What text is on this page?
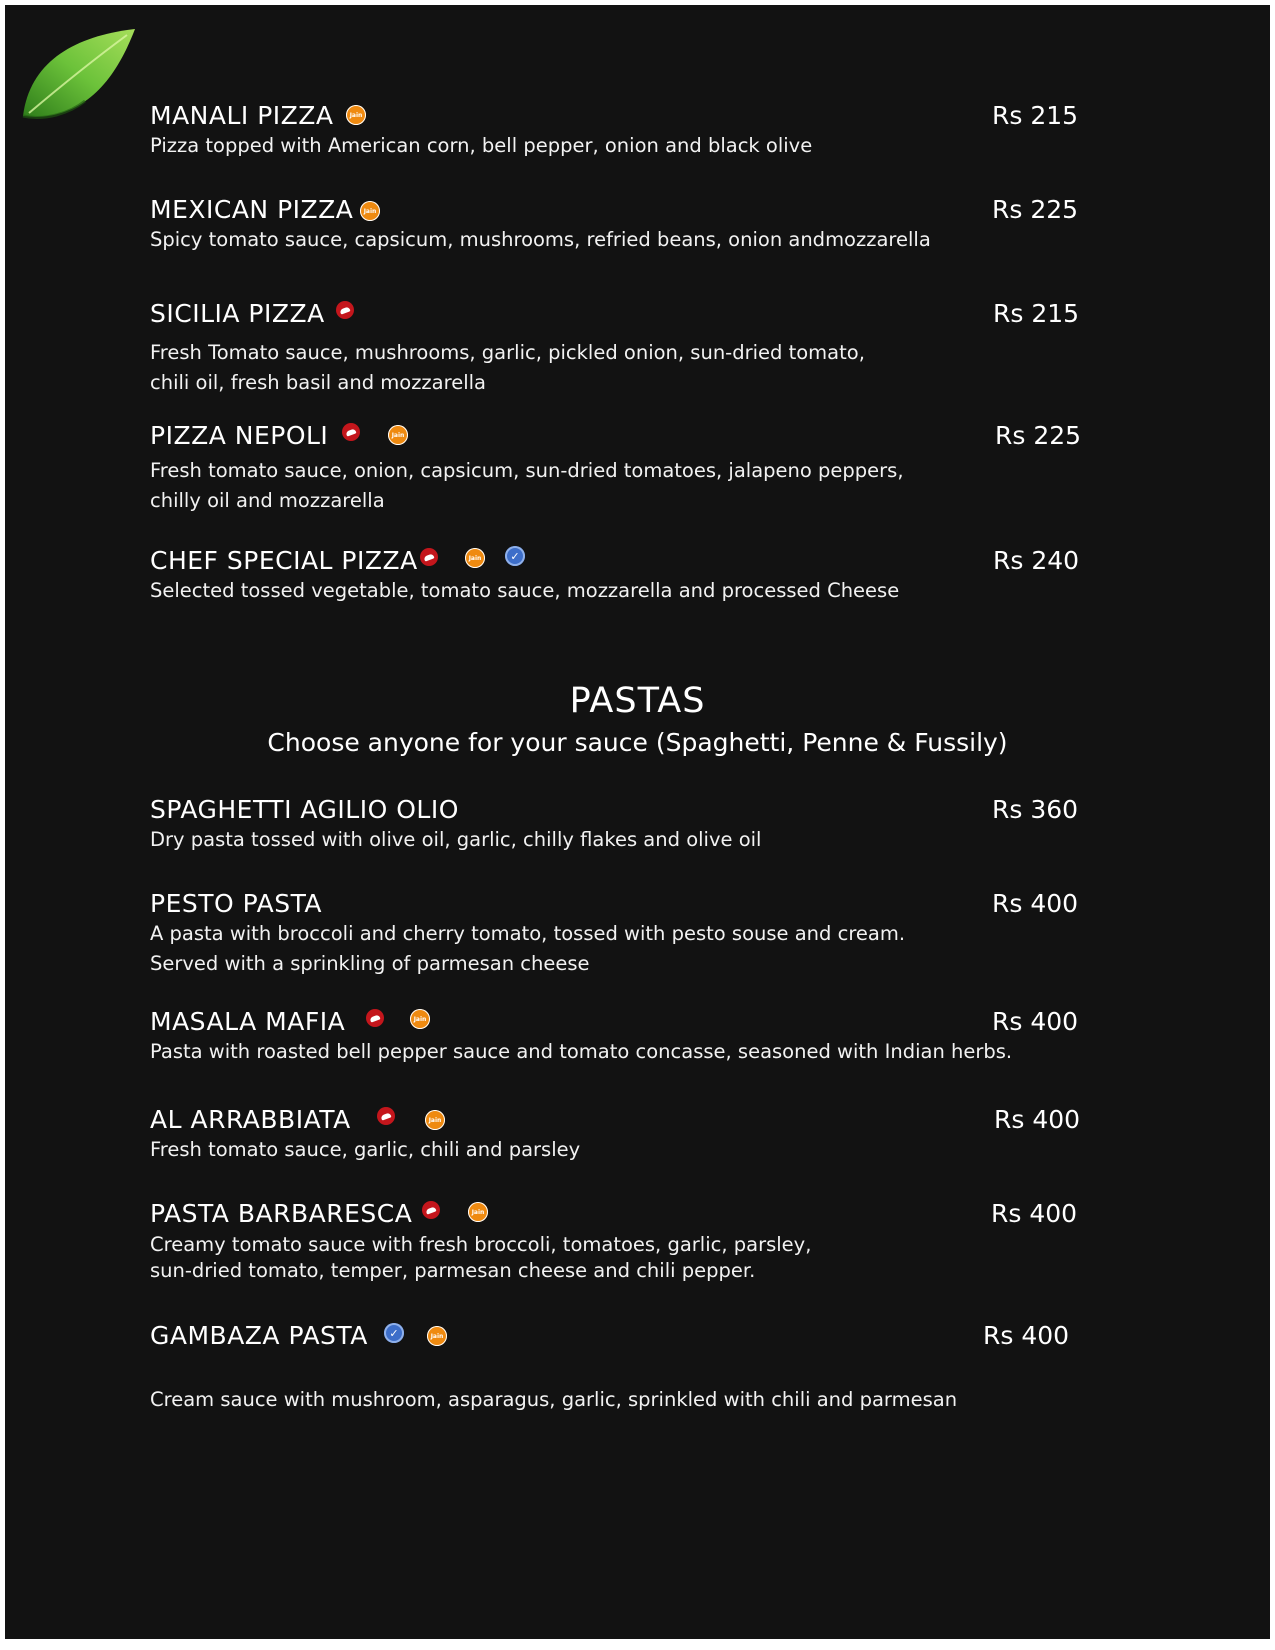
MANALI PIZZA	Jain	Rs 215
Pizza topped with American corn, bell pepper, onion and black olive
MEXICAN PIZZA Jain	Rs 225
Spicy tomato sauce, capsicum, mushrooms, refried beans, onion andmozzarella
SICILIA PIZZA	Rs 215
Fresh Tomato sauce, mushrooms, garlic, pickled onion, sun-dried tomato,
chili oil, fresh basil and mozzarella
PIZZA NEPOLI	Jain	Rs 225
Fresh tomato sauce, onion, capsicum, sun-dried tomatoes, jalapeno peppers,
chilly oil and mozzarella
CHEF SPECIAL PIZZA	Jain	✓	Rs 240
Selected tossed vegetable, tomato sauce, mozzarella and processed Cheese
PASTAS
Choose anyone for your sauce (Spaghetti, Penne & Fussily)
SPAGHETTI AGILIO OLIO	Rs 360
Dry pasta tossed with olive oil, garlic, chilly flakes and olive oil
PESTO PASTA	Rs 400
A pasta with broccoli and cherry tomato, tossed with pesto souse and cream.
Served with a sprinkling of parmesan cheese
MASALA MAFIA	Jain	Rs 400
Pasta with roasted bell pepper sauce and tomato concasse, seasoned with Indian herbs.
AL ARRABBIATA	Jain	Rs 400
Fresh tomato sauce, garlic, chili and parsley
PASTA BARBARESCA	Jain	Rs 400
Creamy tomato sauce with fresh broccoli, tomatoes, garlic, parsley,
sun-dried tomato, temper, parmesan cheese and chili pepper.
GAMBAZA PASTA ✓	Jain	Rs 400
Cream sauce with mushroom, asparagus, garlic, sprinkled with chili and parmesan
